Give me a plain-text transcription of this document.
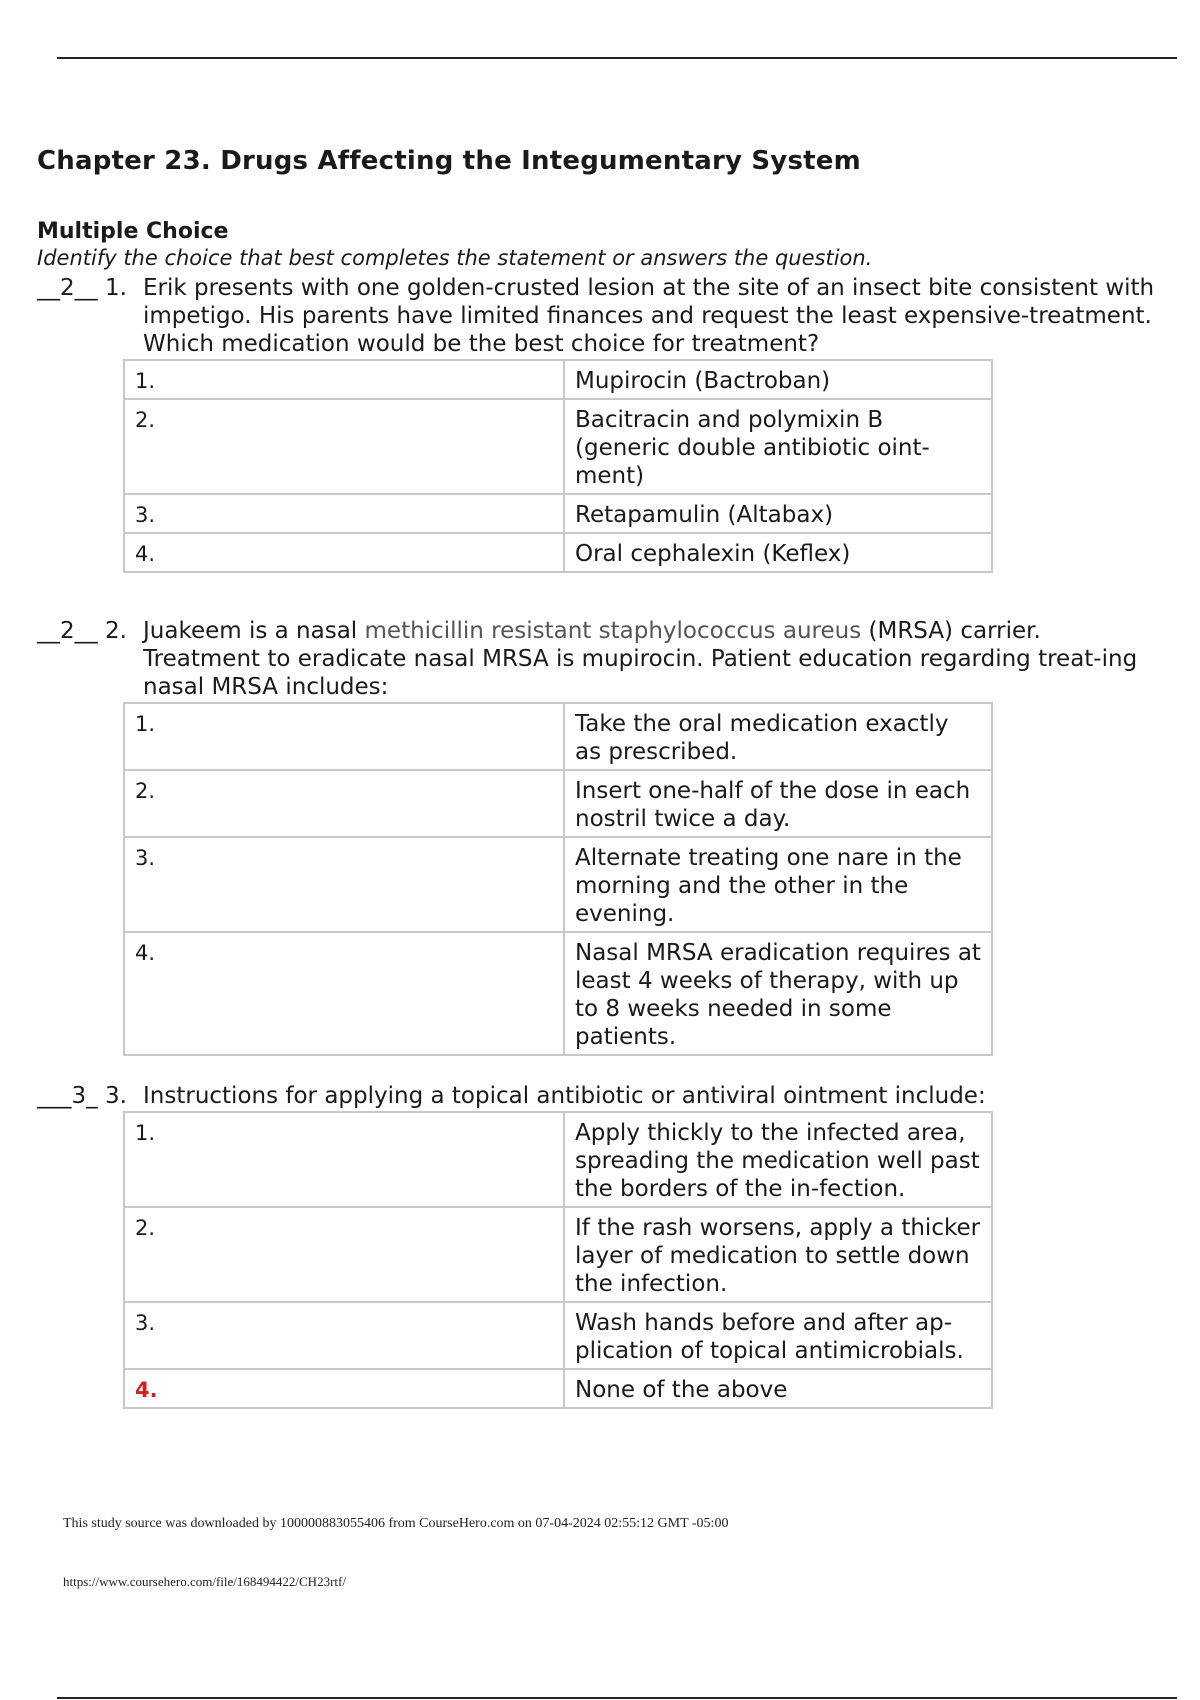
Chapter 23. Drugs Affecting the Integumentary System
Multiple Choice
Identify the choice that best completes the statement or answers the question.
__2__ 1. Erik presents with one golden-crusted lesion at the site of an insect bite consistent with impetigo. His parents have limited finances and request the least expensive-treatment. Which medication would be the best choice for treatment?
1.	Mupirocin (Bactroban)
2.	Bacitracin and polymixin B (generic double antibiotic oint-ment)
3.	Retapamulin (Altabax)
4.	Oral cephalexin (Keflex)
__2__ 2. Juakeem is a nasal methicillin resistant staphylococcus aureus (MRSA) carrier. Treatment to eradicate nasal MRSA is mupirocin. Patient education regarding treat-ing nasal MRSA includes:
1.	Take the oral medication exactly as prescribed.
2.	Insert one-half of the dose in each nostril twice a day.
3.	Alternate treating one nare in the morning and the other in the evening.
4.	Nasal MRSA eradication requires at least 4 weeks of therapy, with up to 8 weeks needed in some patients.
___3_ 3. Instructions for applying a topical antibiotic or antiviral ointment include:
1.	Apply thickly to the infected area, spreading the medication well past the borders of the in-fection.
2.	If the rash worsens, apply a thicker layer of medication to settle down the infection.
3.	Wash hands before and after ap-plication of topical antimicrobials.
4.	None of the above
This study source was downloaded by 100000883055406 from CourseHero.com on 07-04-2024 02:55:12 GMT -05:00
https://www.coursehero.com/file/168494422/CH23rtf/
